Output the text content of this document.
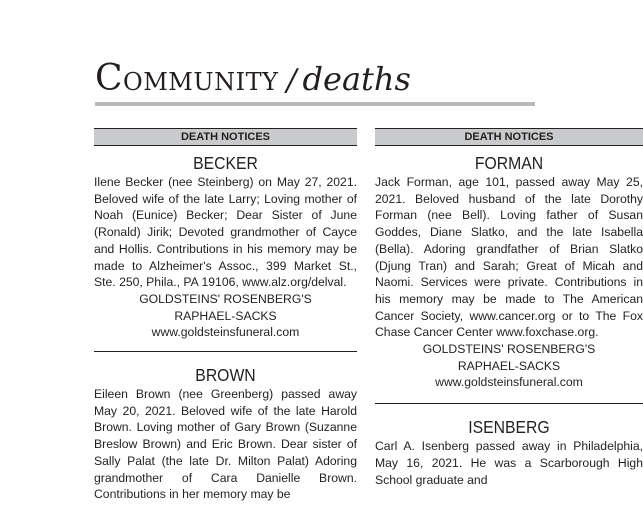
Community / deaths
DEATH NOTICES
BECKER

Ilene Becker (nee Steinberg) on May 27, 2021. Beloved wife of the late Larry; Loving mother of Noah (Eunice) Becker; Dear Sister of June (Ronald) Jirik; Devoted grandmother of Cayce and Hollis. Contributions in his memory may be made to Alzheimer's Assoc., 399 Market St., Ste. 250, Phila., PA 19106, www.alz.org/delval.

GOLDSTEINS' ROSENBERG'S
RAPHAEL-SACKS
www.goldsteinsfuneral.com
BROWN

Eileen Brown (nee Greenberg) passed away May 20, 2021. Beloved wife of the late Harold Brown. Loving mother of Gary Brown (Suzanne Breslow Brown) and Eric Brown. Dear sister of Sally Palat (the late Dr. Milton Palat) Adoring grandmother of Cara Danielle Brown. Contributions in her memory may be

DEATH NOTICES
FORMAN

Jack Forman, age 101, passed away May 25, 2021. Beloved husband of the late Dorothy Forman (nee Bell). Loving father of Susan Goddes, Diane Slatko, and the late Isabella (Bella). Adoring grandfather of Brian Slatko (Djung Tran) and Sarah; Great of Micah and Naomi. Services were private. Contributions in his memory may be made to The American Cancer Society, www.cancer.org or to The Fox Chase Cancer Center www.foxchase.org.

GOLDSTEINS' ROSENBERG'S
RAPHAEL-SACKS
www.goldsteinsfuneral.com
ISENBERG

Carl A. Isenberg passed away in Philadelphia, May 16, 2021. He was a Scarborough High School graduate and
